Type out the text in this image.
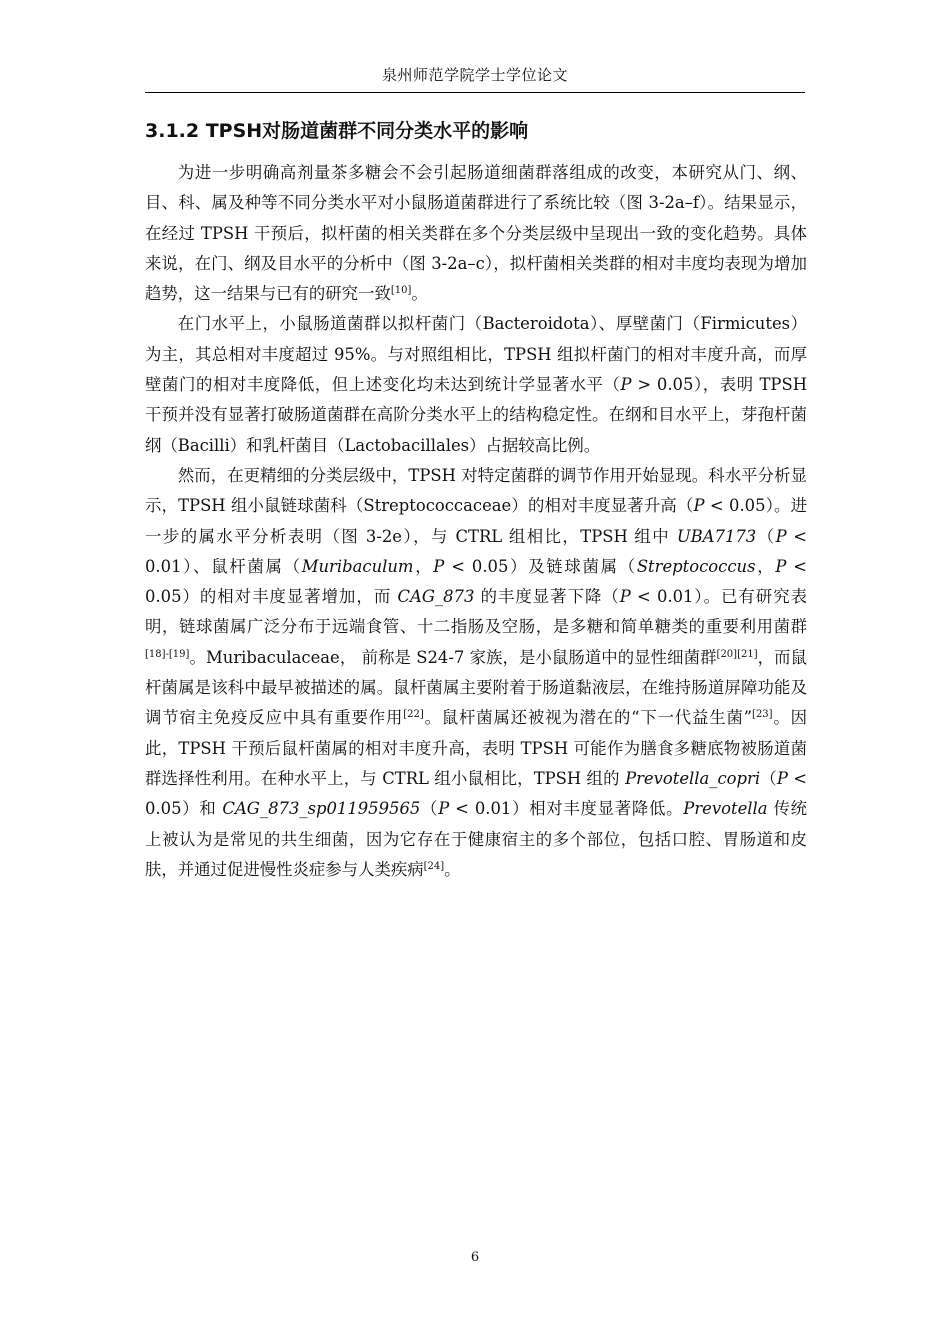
泉州师范学院学士学位论文
3.1.2 TPSH对肠道菌群不同分类水平的影响

为进一步明确高剂量茶多糖会不会引起肠道细菌群落组成的改变，本研究从门、纲、目、科、属及种等不同分类水平对小鼠肠道菌群进行了系统比较（图 3-2a–f）。结果显示，在经过 TPSH 干预后，拟杆菌的相关类群在多个分类层级中呈现出一致的变化趋势。具体来说，在门、纲及目水平的分析中（图 3-2a–c），拟杆菌相关类群的相对丰度均表现为增加趋势，这一结果与已有的研究一致[10]。

在门水平上，小鼠肠道菌群以拟杆菌门（Bacteroidota）、厚壁菌门（Firmicutes）为主，其总相对丰度超过 95%。与对照组相比，TPSH 组拟杆菌门的相对丰度升高，而厚壁菌门的相对丰度降低，但上述变化均未达到统计学显著水平（P > 0.05），表明 TPSH 干预并没有显著打破肠道菌群在高阶分类水平上的结构稳定性。在纲和目水平上，芽孢杆菌纲（Bacilli）和乳杆菌目（Lactobacillales）占据较高比例。

然而，在更精细的分类层级中，TPSH 对特定菌群的调节作用开始显现。科水平分析显示，TPSH 组小鼠链球菌科（Streptococcaceae）的相对丰度显著升高（P < 0.05）。进一步的属水平分析表明（图 3-2e），与 CTRL 组相比，TPSH 组中 UBA7173（P < 0.01）、鼠杆菌属（Muribaculum，P < 0.05）及链球菌属（Streptococcus，P < 0.05）的相对丰度显著增加，而 CAG_873 的丰度显著下降（P < 0.01）。已有研究表明，链球菌属广泛分布于远端食管、十二指肠及空肠，是多糖和简单糖类的重要利用菌群[18]-[19]。Muribaculaceae， 前称是 S24-7 家族，是小鼠肠道中的显性细菌群[20][21]，而鼠杆菌属是该科中最早被描述的属。鼠杆菌属主要附着于肠道黏液层，在维持肠道屏障功能及调节宿主免疫反应中具有重要作用[22]。鼠杆菌属还被视为潜在的“下一代益生菌”[23]。因此，TPSH 干预后鼠杆菌属的相对丰度升高，表明 TPSH 可能作为膳食多糖底物被肠道菌群选择性利用。在种水平上，与 CTRL 组小鼠相比，TPSH 组的 Prevotella_copri（P < 0.05）和 CAG_873_sp011959565（P < 0.01）相对丰度显著降低。Prevotella 传统上被认为是常见的共生细菌，因为它存在于健康宿主的多个部位，包括口腔、胃肠道和皮肤，并通过促进慢性炎症参与人类疾病[24]。

6
